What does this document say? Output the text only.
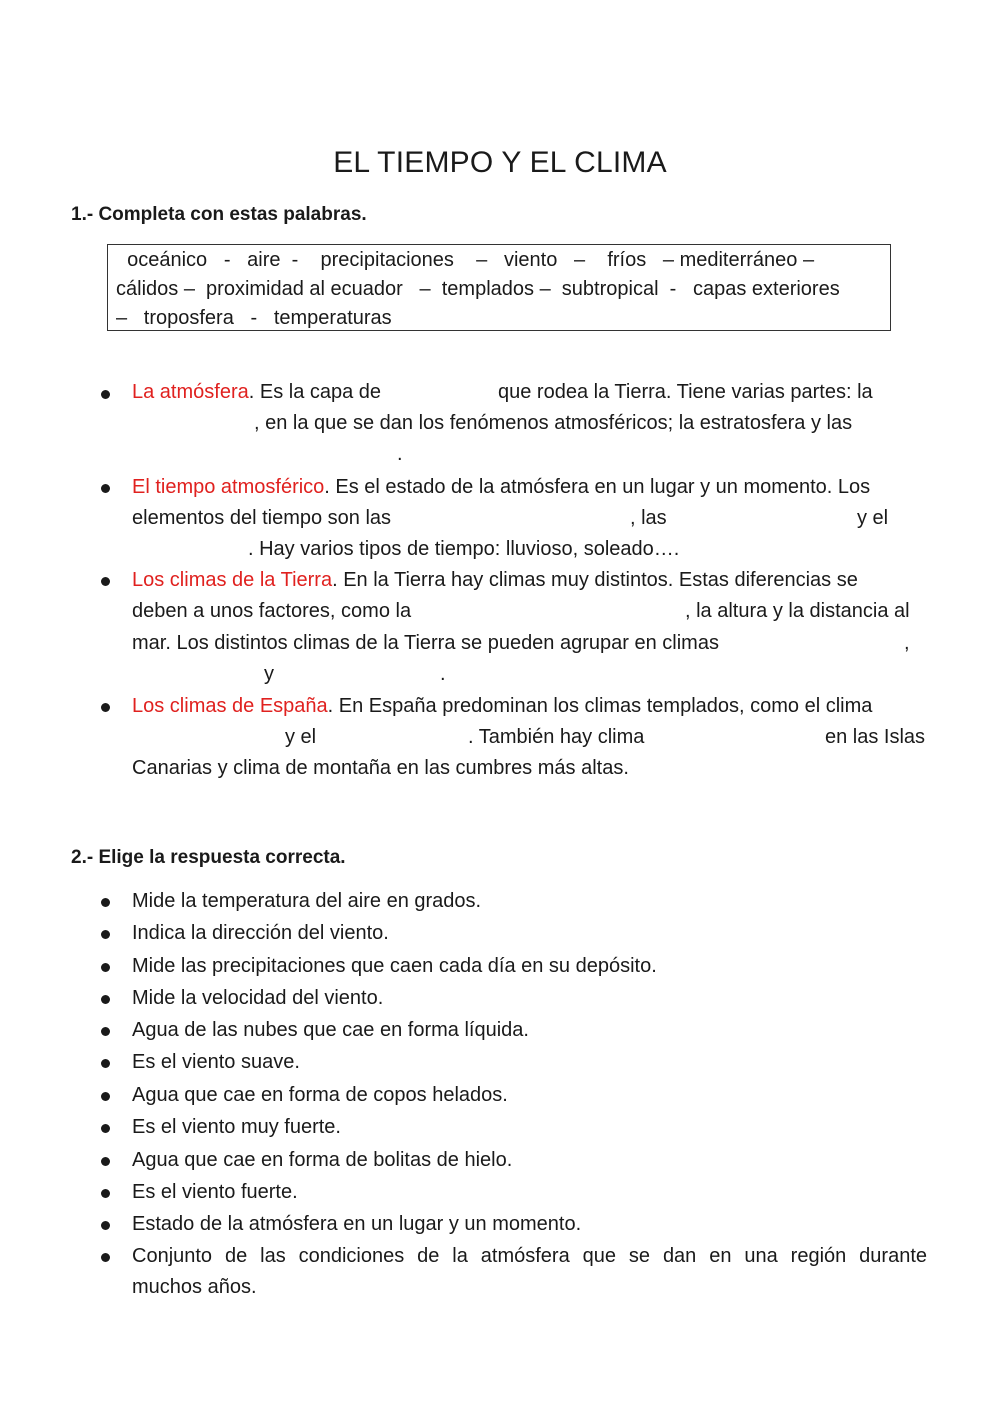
EL TIEMPO Y EL CLIMA
1.- Completa con estas palabras.
oceánico   -   aire  -    precipitaciones    –   viento   –    fríos   – mediterráneo –
cálidos –  proximidad al ecuador   –  templados –  subtropical  -   capas exteriores
–   troposfera   -   temperaturas
La atmósfera. Es la capa de	que rodea la Tierra. Tiene varias partes: la
, en la que se dan los fenómenos atmosféricos; la estratosfera y las
.
El tiempo atmosférico. Es el estado de la atmósfera en un lugar y un momento. Los
elementos del tiempo son las	, las	y el
. Hay varios tipos de tiempo: lluvioso, soleado….
Los climas de la Tierra. En la Tierra hay climas muy distintos. Estas diferencias se
deben a unos factores, como la	, la altura y la distancia al
mar. Los distintos climas de la Tierra se pueden agrupar en climas	,
y	.
Los climas de España. En España predominan los climas templados, como el clima
y el	. También hay clima	en las Islas
Canarias y clima de montaña en las cumbres más altas.
2.- Elige la respuesta correcta.
Mide la temperatura del aire en grados.
Indica la dirección del viento.
Mide las precipitaciones que caen cada día en su depósito.
Mide la velocidad del viento.
Agua de las nubes que cae en forma líquida.
Es el viento suave.
Agua que cae en forma de copos helados.
Es el viento muy fuerte.
Agua que cae en forma de bolitas de hielo.
Es el viento fuerte.
Estado de la atmósfera en un lugar y un momento.
Conjunto de las condiciones de la atmósfera que se dan en una región durante
muchos años.
